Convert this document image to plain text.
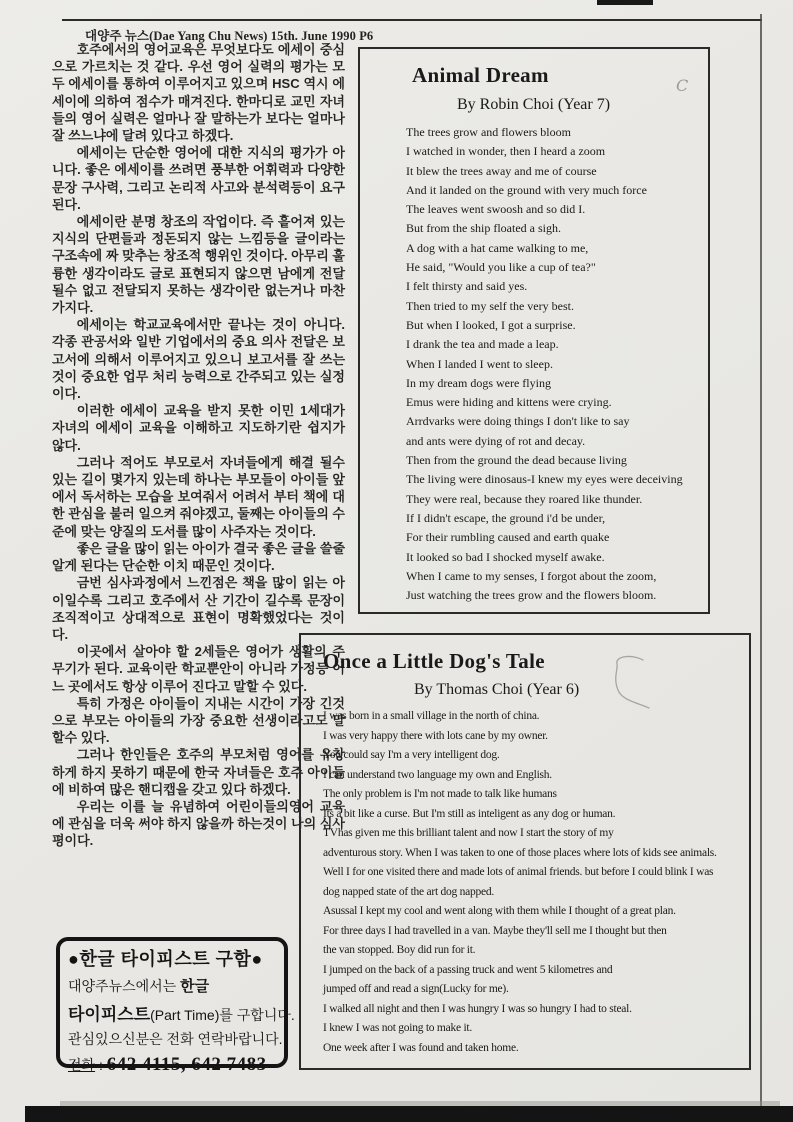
대양주 뉴스(Dae Yang Chu News) 15th. June 1990 P6

호주에서의 영어교육은 무엇보다도 에세이 중심으로 가르치는 것 같다. 우선 영어 실력의 평가는 모두 에세이를 통하여 이루어지고 있으며 HSC 역시 에세이에 의하여 점수가 매겨진다. 한마디로 교민 자녀들의 영어 실력은 얼마나 잘 말하는가 보다는 얼마나 잘 쓰느냐에 달려 있다고 하겠다.

에세이는 단순한 영어에 대한 지식의 평가가 아니다. 좋은 에세이를 쓰려면 풍부한 어휘력과 다양한 문장 구사력, 그리고 논리적 사고와 분석력등이 요구된다.

에세이란 분명 창조의 작업이다. 즉 흩어져 있는 지식의 단편들과 정돈되지 않는 느낌등을 글이라는 구조속에 짜 맞추는 창조적 행위인 것이다. 아무리 훌륭한 생각이라도 글로 표현되지 않으면 남에게 전달될수 없고 전달되지 못하는 생각이란 없는거나 마찬가지다.

에세이는 학교교육에서만 끝나는 것이 아니다. 각종 관공서와 일반 기업에서의 중요 의사 전달은 보고서에 의해서 이루어지고 있으니 보고서를 잘 쓰는 것이 중요한 업무 처리 능력으로 간주되고 있는 실정이다.

이러한 에세이 교육을 받지 못한 이민 1세대가 자녀의 에세이 교육을 이해하고 지도하기란 쉽지가 않다.

그러나 적어도 부모로서 자녀들에게 해결 될수 있는 길이 몇가지 있는데 하나는 부모들이 아이들 앞에서 독서하는 모습을 보여줘서 어려서 부터 책에 대한 관심을 불러 일으켜 줘야겠고, 둘째는 아이들의 수준에 맞는 양질의 도서를 많이 사주자는 것이다.

좋은 글을 많이 읽는 아이가 결국 좋은 글을 쓸줄 알게 된다는 단순한 이치 때문인 것이다.

금번 심사과정에서 느낀점은 책을 많이 읽는 아이일수록 그리고 호주에서 산 기간이 길수록 문장이 조직적이고 상대적으로 표현이 명확했었다는 것이다.

이곳에서 살아야 할 2세들은 영어가 생활의 주 무기가 된다. 교육이란 학교뿐안이 아니라 가정등 어느 곳에서도 항상 이루어 진다고 말할 수 있다.

특히 가정은 아이들이 지내는 시간이 가장 긴것으로 부모는 아이들의 가장 중요한 선생이라고도 말할수 있다.

그러나 한인들은 호주의 부모처럼 영어를 유창하게 하지 못하기 때문에 한국 자녀들은 호주 아이들에 비하여 많은 핸디캡을 갖고 있다 하겠다.

우리는 이를 늘 유념하여 어린이들의영어 교육에 관심을 더욱 써야 하지 않을까 하는것이 나의 심사 평이다.

Animal Dream
By Robin Choi (Year 7)
The trees grow and flowers bloom
I watched in wonder, then I heard a zoom
It blew the trees away and me of course
And it landed on the ground with very much force
The leaves went swoosh and so did I.
But from the ship floated a sigh.
A dog with a hat came walking to me,
He said, "Would you like a cup of tea?"
I felt thirsty and said yes.
Then tried to my self the very best.
But when I looked, I got a surprise.
I drank the tea and made a leap.
When I landed I went to sleep.
In my dream dogs were flying
Emus were hiding and kittens were crying.
Arrdvarks were doing things I don't like to say
and ants were dying of rot and decay.
Then from the ground the dead because living
The living were dinosaus-I knew my eyes were deceiving
They were real, because they roared like thunder.
If I didn't escape, the ground i'd be under,
For their rumbling caused and earth quake
It looked so bad I shocked myself awake.
When I came to my senses, I forgot about the zoom,
Just watching the trees grow and the flowers bloom.
C
Once a Little Dog's Tale
By Thomas Choi (Year 6)
I was born in a small village in the north of china.
I was very happy there with lots cane by my owner.
You could say I'm a very intelligent dog.
I can understand two language my own and English.
The only problem is I'm not made to talk like humans
Its a bit like a curse. But I'm still as inteligent as any dog or human.
TVhas given me this brilliant talent and now I start the story of my
adventurous story. When I was taken to one of those places where lots of kids see animals.
Well I for one visited there and made lots of animal friends. but before I could blink I was
dog napped state of the art dog napped.
Asussal I kept my cool and went along with them while I thought of a great plan.
For three days I had travelled in a van. Maybe they'll sell me I thought but then
the van stopped. Boy did run for it.
I jumped on the back of a passing truck and went 5 kilometres and
jumped off and read a sign(Lucky for me).
I walked all night and then I was hungry I was so hungry I had to steal.
I knew I was not going to make it.
One week after I was found and taken home.
●한글 타이피스트 구함●
대양주뉴스에서는 한글
타이피스트(Part Time)를 구합니다.
관심있으신분은 전화 연락바랍니다.
전화 : 642 4115, 642 7483
